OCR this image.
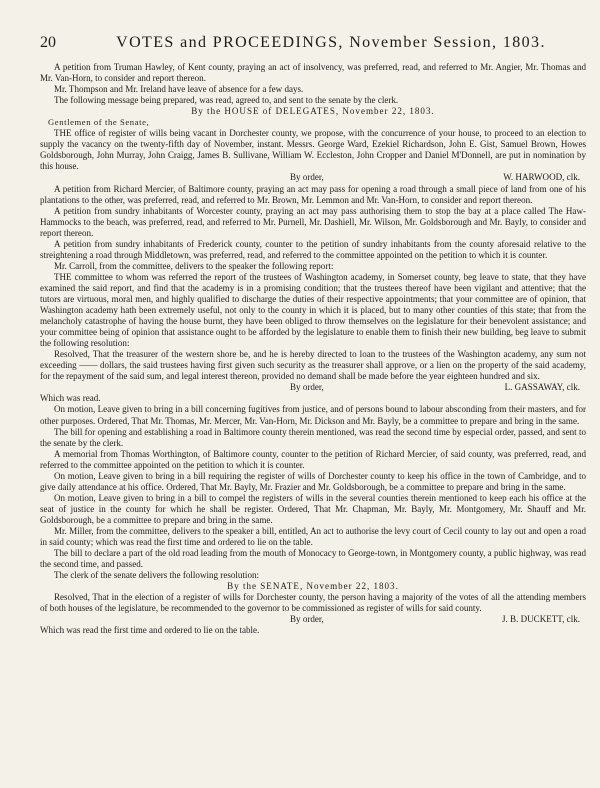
20	VOTES and PROCEEDINGS, November Session, 1803.

A petition from Truman Hawley, of Kent county, praying an act of insolvency, was preferred, read, and referred to Mr. Angier, Mr. Thomas and Mr. Van-Horn, to consider and report thereon.

Mr. Thompson and Mr. Ireland have leave of absence for a few days.

The following message being prepared, was read, agreed to, and sent to the senate by the clerk.

By the HOUSE of DELEGATES, November 22, 1803.

Gentlemen of the Senate,

THE office of register of wills being vacant in Dorchester county, we propose, with the concurrence of your house, to proceed to an election to supply the vacancy on the twenty-fifth day of November, instant. Messrs. George Ward, Ezekiel Richardson, John E. Gist, Samuel Brown, Howes Goldsborough, John Murray, John Craigg, James B. Sullivane, William W. Eccleston, John Cropper and Daniel M'Donnell, are put in nomination by this house.

By order,	W. HARWOOD, clk.

A petition from Richard Mercier, of Baltimore county, praying an act may pass for opening a road through a small piece of land from one of his plantations to the other, was preferred, read, and referred to Mr. Brown, Mr. Lemmon and Mr. Van-Horn, to consider and report thereon.

A petition from sundry inhabitants of Worcester county, praying an act may pass authorising them to stop the bay at a place called The Haw-Hammocks to the beach, was preferred, read, and referred to Mr. Purnell, Mr. Dashiell, Mr. Wilson, Mr. Goldsborough and Mr. Bayly, to consider and report thereon.

A petition from sundry inhabitants of Frederick county, counter to the petition of sundry inhabitants from the county aforesaid relative to the streightening a road through Middletown, was preferred, read, and referred to the committee appointed on the petition to which it is counter.

Mr. Carroll, from the committee, delivers to the speaker the following report:

THE committee to whom was referred the report of the trustees of Washington academy, in Somerset county, beg leave to state, that they have examined the said report, and find that the academy is in a promising condition; that the trustees thereof have been vigilant and attentive; that the tutors are virtuous, moral men, and highly qualified to discharge the duties of their respective appointments; that your committee are of opinion, that Washington academy hath been extremely useful, not only to the county in which it is placed, but to many other counties of this state; that from the melancholy catastrophe of having the house burnt, they have been obliged to throw themselves on the legislature for their benevolent assistance; and your committee being of opinion that assistance ought to be afforded by the legislature to enable them to finish their new building, beg leave to submit the following resolution:

Resolved, That the treasurer of the western shore be, and he is hereby directed to loan to the trustees of the Washington academy, any sum not exceeding —— dollars, the said trustees having first given such security as the treasurer shall approve, or a lien on the property of the said academy, for the repayment of the said sum, and legal interest thereon, provided no demand shall be made before the year eighteen hundred and six.

By order,	L. GASSAWAY, clk.

Which was read.

On motion, Leave given to bring in a bill concerning fugitives from justice, and of persons bound to labour absconding from their masters, and for other purposes. Ordered, That Mr. Thomas, Mr. Mercer, Mr. Van-Horn, Mr. Dickson and Mr. Bayly, be a committee to prepare and bring in the same.

The bill for opening and establishing a road in Baltimore county therein mentioned, was read the second time by especial order, passed, and sent to the senate by the clerk.

A memorial from Thomas Worthington, of Baltimore county, counter to the petition of Richard Mercier, of said county, was preferred, read, and referred to the committee appointed on the petition to which it is counter.

On motion, Leave given to bring in a bill requiring the register of wills of Dorchester county to keep his office in the town of Cambridge, and to give daily attendance at his office. Ordered, That Mr. Bayly, Mr. Frazier and Mr. Goldsborough, be a committee to prepare and bring in the same.

On motion, Leave given to bring in a bill to compel the registers of wills in the several counties therein mentioned to keep each his office at the seat of justice in the county for which he shall be register. Ordered, That Mr. Chapman, Mr. Bayly, Mr. Montgomery, Mr. Shauff and Mr. Goldsborough, be a committee to prepare and bring in the same.

Mr. Miller, from the committee, delivers to the speaker a bill, entitled, An act to authorise the levy court of Cecil county to lay out and open a road in said county; which was read the first time and ordered to lie on the table.

The bill to declare a part of the old road leading from the mouth of Monocacy to George-town, in Montgomery county, a public highway, was read the second time, and passed.

The clerk of the senate delivers the following resolution:

By the SENATE, November 22, 1803.

Resolved, That in the election of a register of wills for Dorchester county, the person having a majority of the votes of all the attending members of both houses of the legislature, be recommended to the governor to be commissioned as register of wills for said county.

By order,	J. B. DUCKETT, clk.

Which was read the first time and ordered to lie on the table.
